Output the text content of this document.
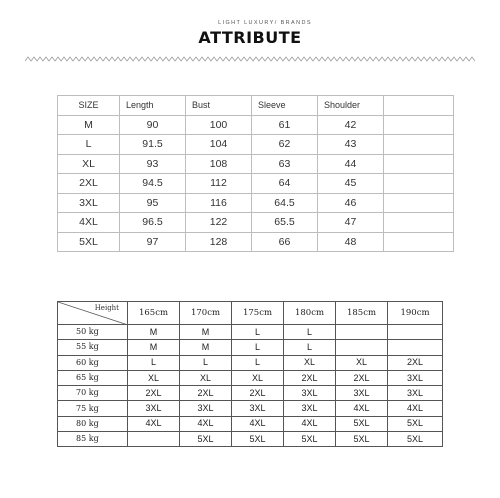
LIGHT LUXURY/ BRANDS
ATTRIBUTE
SIZE	Length	Bust	Sleeve	Shoulder	
M	90	100	61	42	
L	91.5	104	62	43	
XL	93	108	63	44	
2XL	94.5	112	64	45	
3XL	95	116	64.5	46	
4XL	96.5	122	65.5	47	
5XL	97	128	66	48	
Height	165cm	170cm	175cm	180cm	185cm	190cm
50 kg	M	M	L	L		
55 kg	M	M	L	L		
60 kg	L	L	L	XL	XL	2XL
65 kg	XL	XL	XL	2XL	2XL	3XL
70 kg	2XL	2XL	2XL	3XL	3XL	3XL
75 kg	3XL	3XL	3XL	3XL	4XL	4XL
80 kg	4XL	4XL	4XL	4XL	5XL	5XL
85 kg		5XL	5XL	5XL	5XL	5XL
